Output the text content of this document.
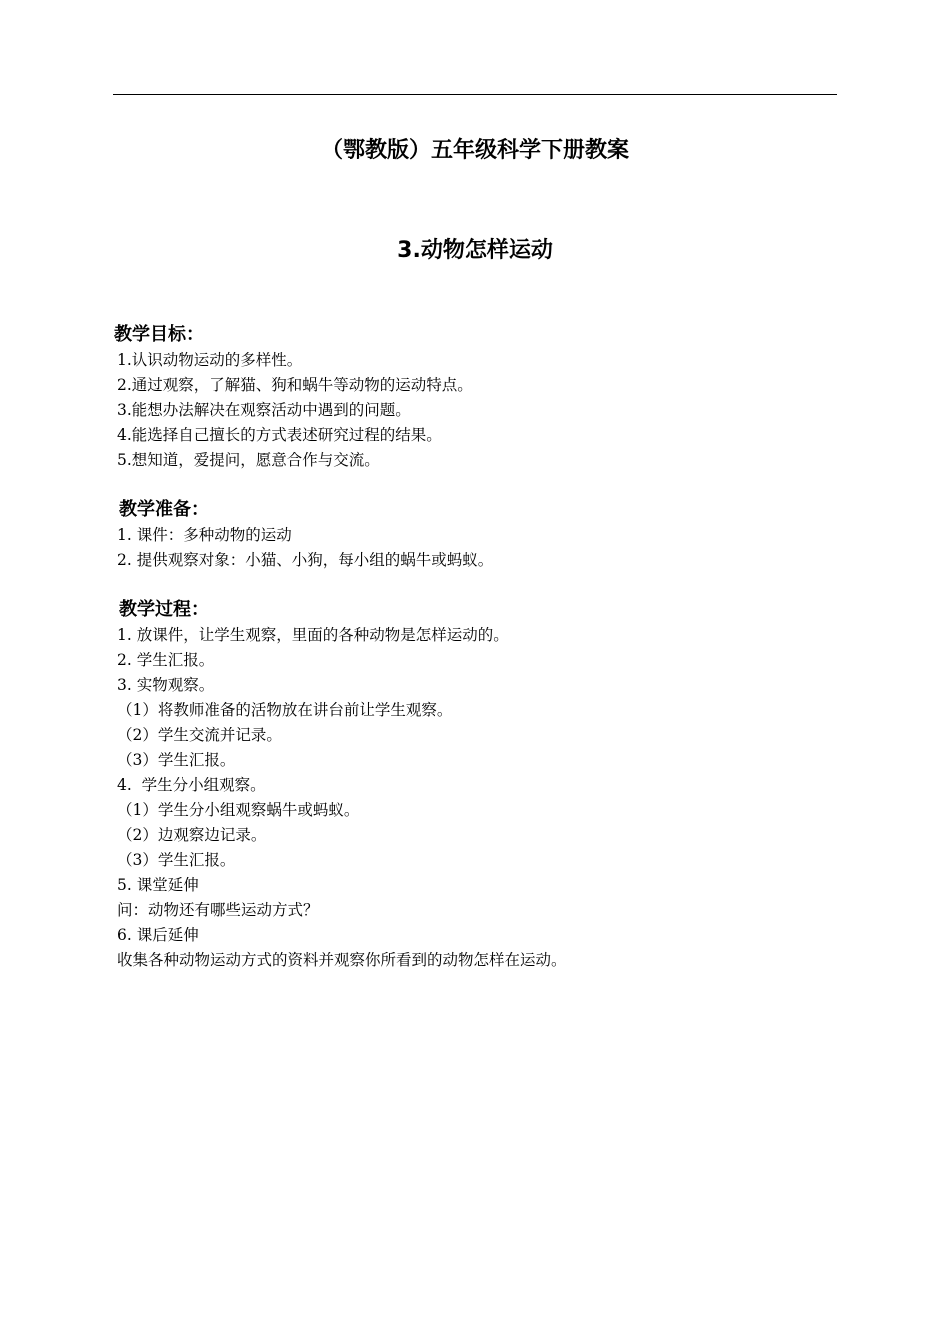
（鄂教版）五年级科学下册教案
3.动物怎样运动

教学目标：

1.认识动物运动的多样性。

2.通过观察，了解猫、狗和蜗牛等动物的运动特点。

3.能想办法解决在观察活动中遇到的问题。

4.能选择自己擅长的方式表述研究过程的结果。

5.想知道，爱提问，愿意合作与交流。

教学准备：

1. 课件：多种动物的运动

2. 提供观察对象：小猫、小狗，每小组的蜗牛或蚂蚁。

教学过程：

1. 放课件，让学生观察，里面的各种动物是怎样运动的。

2. 学生汇报。

3. 实物观察。

（1）将教师准备的活物放在讲台前让学生观察。

（2）学生交流并记录。

（3）学生汇报。

4.  学生分小组观察。

（1）学生分小组观察蜗牛或蚂蚁。

（2）边观察边记录。

（3）学生汇报。

5. 课堂延伸

问：动物还有哪些运动方式？

6. 课后延伸

收集各种动物运动方式的资料并观察你所看到的动物怎样在运动。
